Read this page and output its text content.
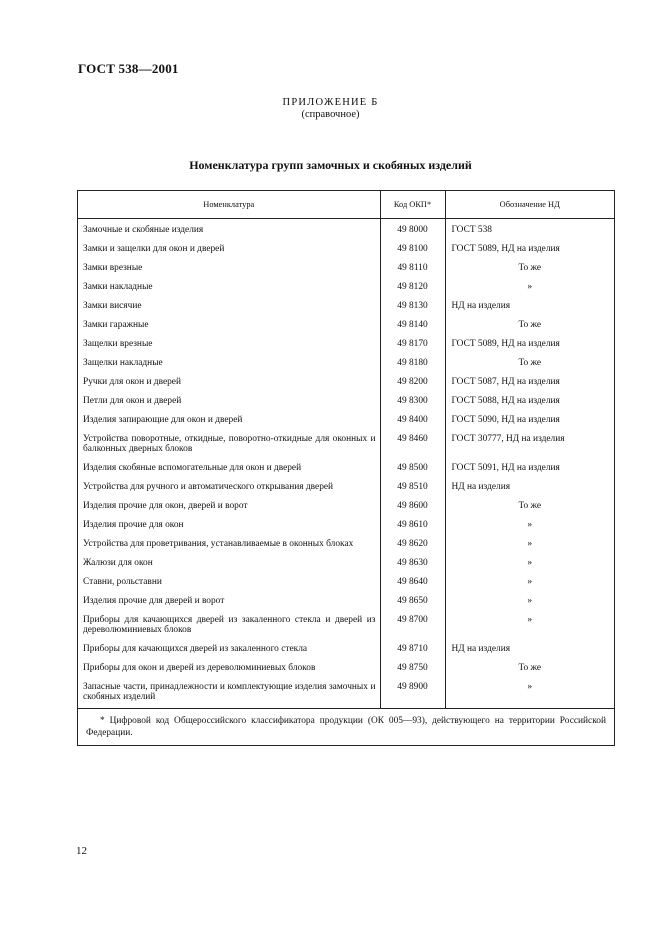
ГОСТ 538—2001
ПРИЛОЖЕНИЕ Б
(справочное)
Номенклатура групп замочных и скобяных изделий
Номенклатура	Код ОКП*	Обозначение НД
Замочные и скобяные изделия	49 8000	ГОСТ 538
Замки и защелки для окон и дверей	49 8100	ГОСТ 5089, НД на изделия
Замки врезные	49 8110	То же
Замки накладные	49 8120	»
Замки висячие	49 8130	НД на изделия
Замки гаражные	49 8140	То же
Защелки врезные	49 8170	ГОСТ 5089, НД на изделия
Защелки накладные	49 8180	То же
Ручки для окон и дверей	49 8200	ГОСТ 5087, НД на изделия
Петли для окон и дверей	49 8300	ГОСТ 5088, НД на изделия
Изделия запирающие для окон и дверей	49 8400	ГОСТ 5090, НД на изделия
Устройства поворотные, откидные, поворотно-откидные для оконных и балконных дверных блоков	49 8460	ГОСТ 30777, НД на изделия
Изделия скобяные вспомогательные для окон и дверей	49 8500	ГОСТ 5091, НД на изделия
Устройства для ручного и автоматического открывания дверей	49 8510	НД на изделия
Изделия прочие для окон, дверей и ворот	49 8600	То же
Изделия прочие для окон	49 8610	»
Устройства для проветривания, устанавливаемые в оконных блоках	49 8620	»
Жалюзи для окон	49 8630	»
Ставни, рольставни	49 8640	»
Изделия прочие для дверей и ворот	49 8650	»
Приборы для качающихся дверей из закаленного стекла и дверей из дереволюминиевых блоков	49 8700	»
Приборы для качающихся дверей из закаленного стекла	49 8710	НД на изделия
Приборы для окон и дверей из дереволюминиевых блоков	49 8750	То же
Запасные части, принадлежности и комплектующие изделия замочных и скобяных изделий	49 8900	»
* Цифровой код Общероссийского классификатора продукции (ОК 005—93), действующего на территории Российской Федерации.
12
